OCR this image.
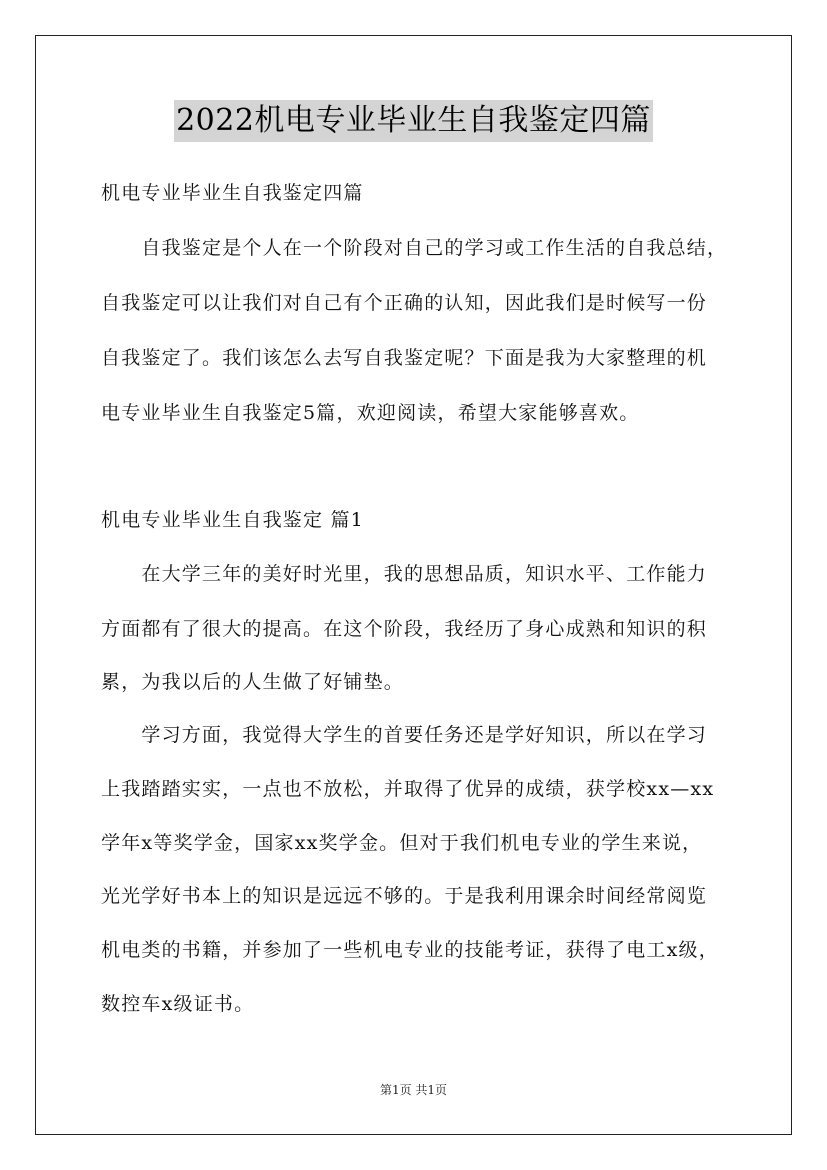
2022机电专业毕业生自我鉴定四篇
机电专业毕业生自我鉴定四篇
　　自我鉴定是个人在一个阶段对自己的学习或工作生活的自我总结，
自我鉴定可以让我们对自己有个正确的认知，因此我们是时候写一份
自我鉴定了。我们该怎么去写自我鉴定呢？下面是我为大家整理的机
电专业毕业生自我鉴定5篇，欢迎阅读，希望大家能够喜欢。
机电专业毕业生自我鉴定 篇1
　　在大学三年的美好时光里，我的思想品质，知识水平、工作能力
方面都有了很大的提高。在这个阶段，我经历了身心成熟和知识的积
累，为我以后的人生做了好铺垫。
　　学习方面，我觉得大学生的首要任务还是学好知识，所以在学习
上我踏踏实实，一点也不放松，并取得了优异的成绩，获学校xx—xx
学年x等奖学金，国家xx奖学金。但对于我们机电专业的学生来说，
光光学好书本上的知识是远远不够的。于是我利用课余时间经常阅览
机电类的书籍，并参加了一些机电专业的技能考证，获得了电工x级，
数控车x级证书。
第1页 共1页
